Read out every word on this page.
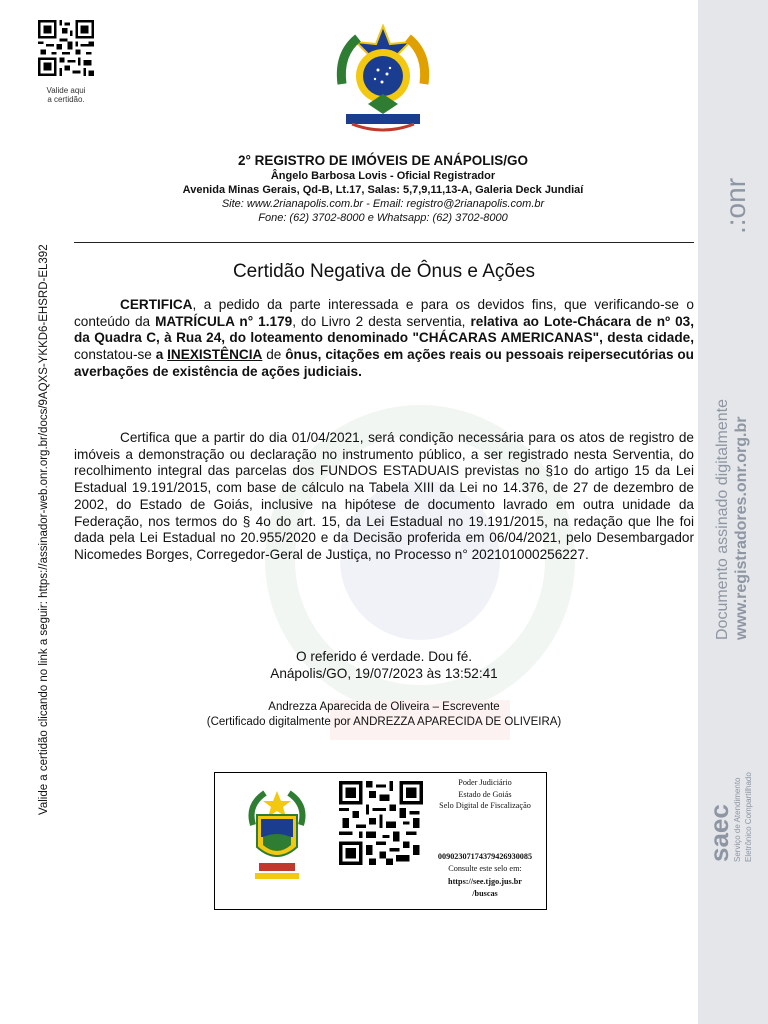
Valide aqui
a certidão.
Valide a certidão clicando no link a seguir: https://assinador-web.onr.org.br/docs/9AQXS-YKKD6-EHSRD-EL392
2° REGISTRO DE IMÓVEIS DE ANÁPOLIS/GO
Ângelo Barbosa Lovis - Oficial Registrador
Avenida Minas Gerais, Qd-B, Lt.17, Salas: 5,7,9,11,13-A, Galeria Deck Jundiaí
Site: www.2rianapolis.com.br - Email: registro@2rianapolis.com.br
Fone: (62) 3702-8000 e Whatsapp: (62) 3702-8000
Certidão Negativa de Ônus e Ações
CERTIFICA, a pedido da parte interessada e para os devidos fins, que verificando-se o conteúdo da MATRÍCULA n° 1.179, do Livro 2 desta serventia, relativa ao Lote-Chácara de nº 03, da Quadra C, à Rua 24, do loteamento denominado "CHÁCARAS AMERICANAS", desta cidade, constatou-se a INEXISTÊNCIA de ônus, citações em ações reais ou pessoais reipersecutórias ou averbações de existência de ações judiciais.
Certifica que a partir do dia 01/04/2021, será condição necessária para os atos de registro de imóveis a demonstração ou declaração no instrumento público, a ser registrado nesta Serventia, do recolhimento integral das parcelas dos FUNDOS ESTADUAIS previstas no §1o do artigo 15 da Lei Estadual 19.191/2015, com base de cálculo na Tabela XIII da Lei no 14.376, de 27 de dezembro de 2002, do Estado de Goiás, inclusive na hipótese de documento lavrado em outra unidade da Federação, nos termos do § 4o do art. 15, da Lei Estadual no 19.191/2015, na redação que lhe foi dada pela Lei Estadual no 20.955/2020 e da Decisão proferida em 06/04/2021, pelo Desembargador Nicomedes Borges, Corregedor-Geral de Justiça, no Processo n° 202101000256227.
O referido é verdade. Dou fé.
Anápolis/GO, 19/07/2023 às 13:52:41
Andrezza Aparecida de Oliveira – Escrevente
(Certificado digitalmente por ANDREZZA APARECIDA DE OLIVEIRA)
Poder Judiciário
Estado de Goiás
Selo Digital de Fiscalização
00902307174379426930085
Consulte este selo em:
https://see.tjgo.jus.br
/buscas
.:onr
Documento assinado digitalmente www.registradores.onr.org.br
saec Serviço de Atendimento Eletrônico Compartilhado
